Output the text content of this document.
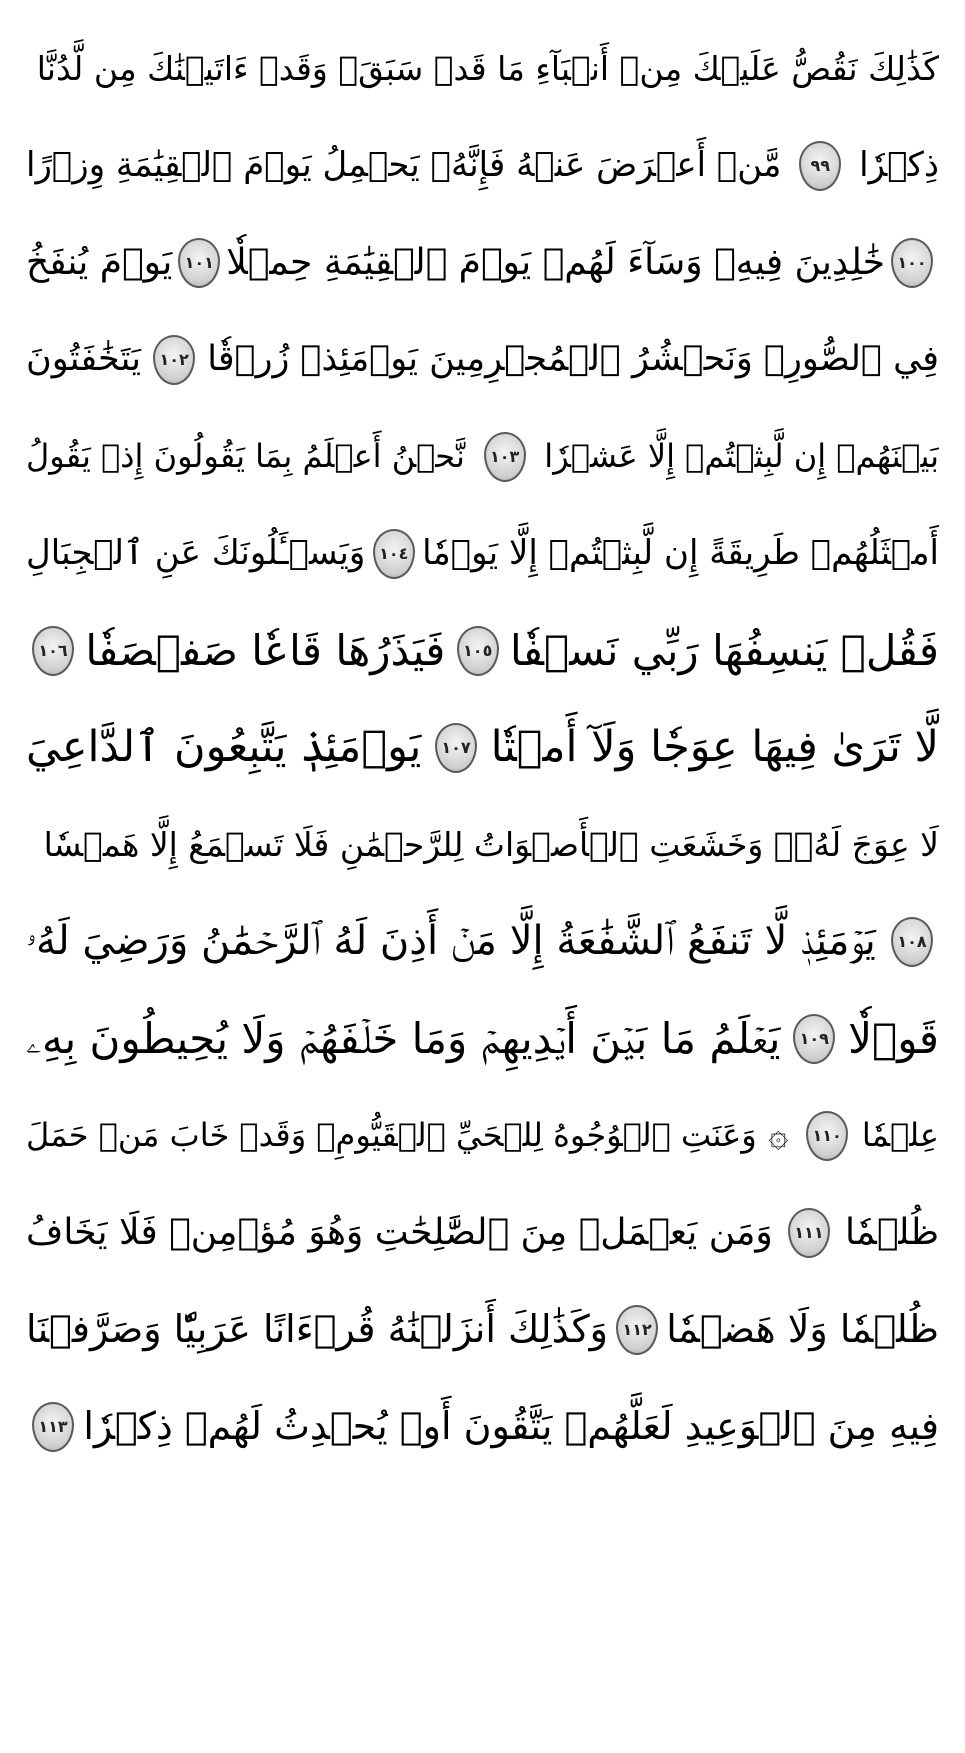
كَذَٰلِكَ نَقُصُّ عَلَيۡكَ مِنۡ أَنۢبَآءِ مَا قَدۡ سَبَقَۚ وَقَدۡ ءَاتَيۡنَٰكَ مِن لَّدُنَّا
ذِكۡرٗا
٩٩
مَّنۡ أَعۡرَضَ عَنۡهُ فَإِنَّهُۥ يَحۡمِلُ يَوۡمَ ٱلۡقِيَٰمَةِ وِزۡرًا
١٠٠
خَٰلِدِينَ فِيهِۖ وَسَآءَ لَهُمۡ يَوۡمَ ٱلۡقِيَٰمَةِ حِمۡلٗا
١٠١
يَوۡمَ يُنفَخُ
فِي ٱلصُّورِۚ وَنَحۡشُرُ ٱلۡمُجۡرِمِينَ يَوۡمَئِذٖ زُرۡقٗا
١٠٢
يَتَخَٰفَتُونَ
بَيۡنَهُمۡ إِن لَّبِثۡتُمۡ إِلَّا عَشۡرٗا
١٠٣
نَّحۡنُ أَعۡلَمُ بِمَا يَقُولُونَ إِذۡ يَقُولُ
أَمۡثَلُهُمۡ طَرِيقَةً إِن لَّبِثۡتُمۡ إِلَّا يَوۡمٗا
١٠٤
وَيَسۡـَٔلُونَكَ عَنِ ٱلۡجِبَالِ
فَقُلۡ يَنسِفُهَا رَبِّي نَسۡفٗا
١٠٥
فَيَذَرُهَا قَاعٗا صَفۡصَفٗا
١٠٦
لَّا تَرَىٰ فِيهَا عِوَجٗا وَلَآ أَمۡتٗا
١٠٧
يَوۡمَئِذٖ يَتَّبِعُونَ ٱلدَّاعِيَ
لَا عِوَجَ لَهُۥۖ وَخَشَعَتِ ٱلۡأَصۡوَاتُ لِلرَّحۡمَٰنِ فَلَا تَسۡمَعُ إِلَّا هَمۡسٗا
١٠٨
يَوۡمَئِذٖ لَّا تَنفَعُ ٱلشَّفَٰعَةُ إِلَّا مَنۡ أَذِنَ لَهُ ٱلرَّحۡمَٰنُ وَرَضِيَ لَهُۥ
قَوۡلٗا
١٠٩
يَعۡلَمُ مَا بَيۡنَ أَيۡدِيهِمۡ وَمَا خَلۡفَهُمۡ وَلَا يُحِيطُونَ بِهِۦ
عِلۡمٗا
١١٠
۞
وَعَنَتِ ٱلۡوُجُوهُ لِلۡحَيِّ ٱلۡقَيُّومِۖ وَقَدۡ خَابَ مَنۡ حَمَلَ
ظُلۡمٗا
١١١
وَمَن يَعۡمَلۡ مِنَ ٱلصَّٰلِحَٰتِ وَهُوَ مُؤۡمِنٞ فَلَا يَخَافُ
ظُلۡمٗا وَلَا هَضۡمٗا
١١٢
وَكَذَٰلِكَ أَنزَلۡنَٰهُ قُرۡءَانًا عَرَبِيّٗا وَصَرَّفۡنَا
فِيهِ مِنَ ٱلۡوَعِيدِ لَعَلَّهُمۡ يَتَّقُونَ أَوۡ يُحۡدِثُ لَهُمۡ ذِكۡرٗا
١١٣
